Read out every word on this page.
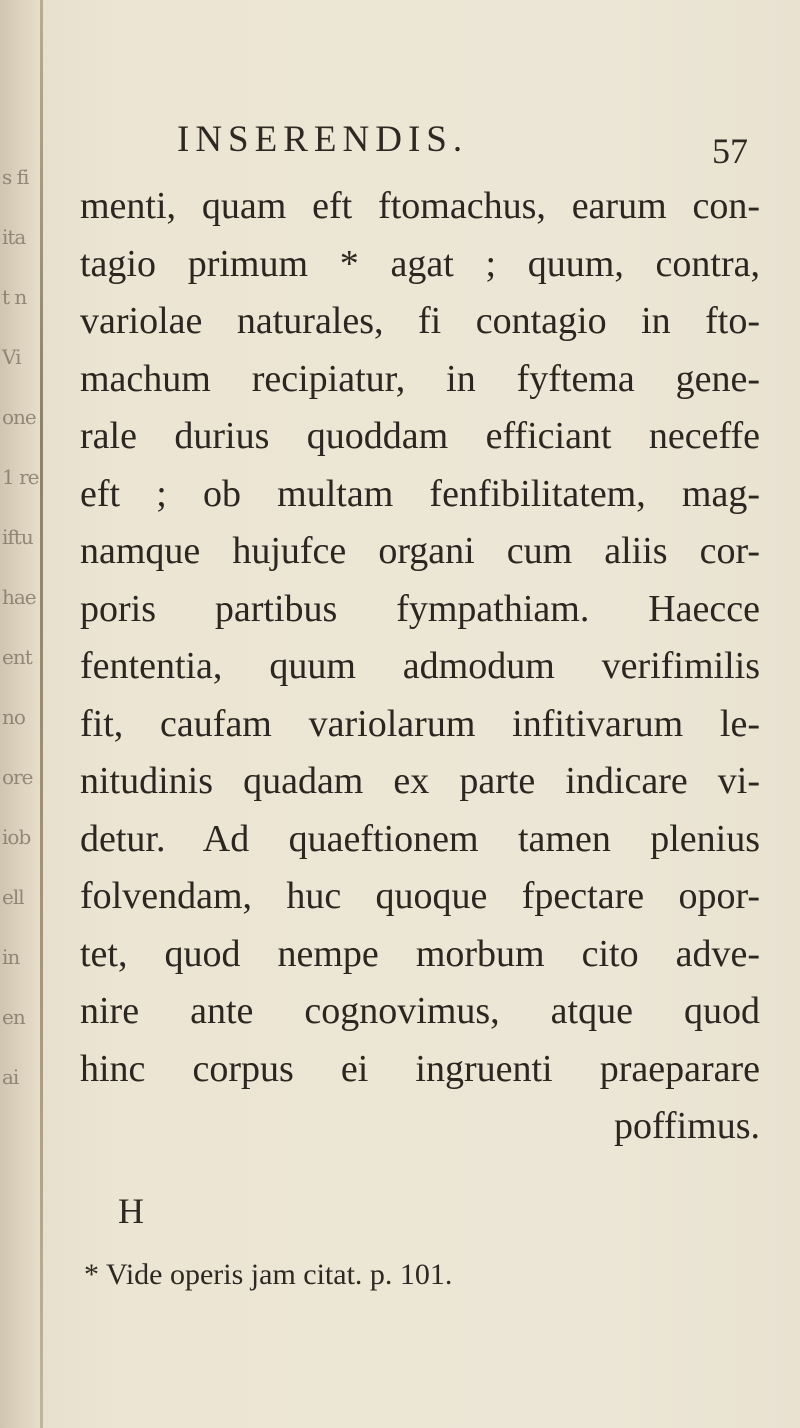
s fi
ita
t n
Vi
one
1 re
iftu
hae
ent
no
ore
iob
ell
in
en
ai
INSERENDIS.	57
menti, quam eft ftomachus, earum con-
tagio primum * agat ; quum, contra,
variolae naturales, fi contagio in fto-
machum recipiatur, in fyftema gene-
rale durius quoddam efficiant neceffe
eft ; ob multam fenfibilitatem, mag-
namque hujufce organi cum aliis cor-
poris partibus fympathiam. Haecce
fententia, quum admodum verifimilis
fit, caufam variolarum infitivarum le-
nitudinis quadam ex parte indicare vi-
detur. Ad quaeftionem tamen plenius
folvendam, huc quoque fpectare opor-
tet, quod nempe morbum cito adve-
nire ante cognovimus, atque quod
hinc corpus ei ingruenti praeparare
poffimus.
H
* Vide operis jam citat. p. 101.
